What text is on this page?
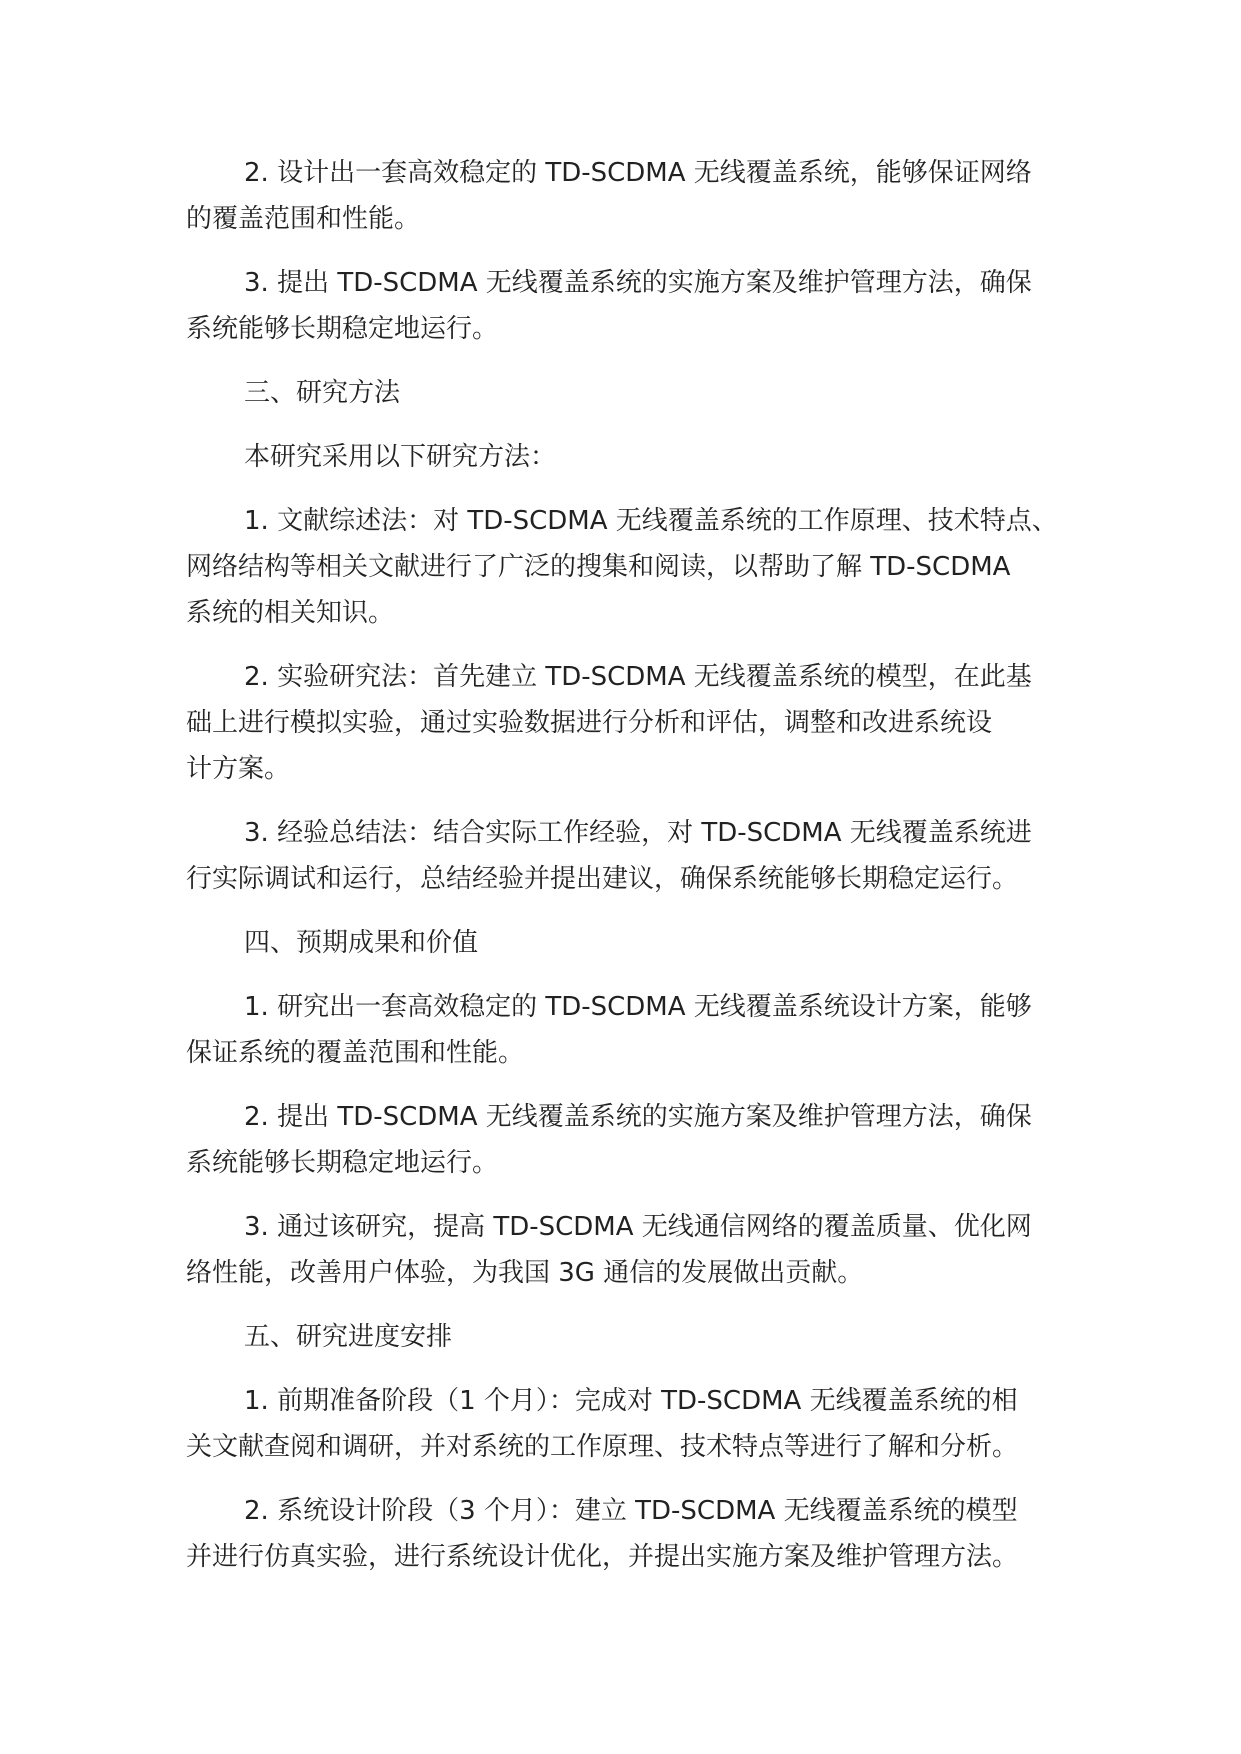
2. 设计出一套高效稳定的 TD-SCDMA 无线覆盖系统，能够保证网络
的覆盖范围和性能。
3. 提出 TD-SCDMA 无线覆盖系统的实施方案及维护管理方法，确保
系统能够长期稳定地运行。
三、研究方法
本研究采用以下研究方法：
1. 文献综述法：对 TD-SCDMA 无线覆盖系统的工作原理、技术特点、
网络结构等相关文献进行了广泛的搜集和阅读，以帮助了解 TD-SCDMA
系统的相关知识。
2. 实验研究法：首先建立 TD-SCDMA 无线覆盖系统的模型，在此基
础上进行模拟实验，通过实验数据进行分析和评估，调整和改进系统设
计方案。
3. 经验总结法：结合实际工作经验，对 TD-SCDMA 无线覆盖系统进
行实际调试和运行，总结经验并提出建议，确保系统能够长期稳定运行。
四、预期成果和价值
1. 研究出一套高效稳定的 TD-SCDMA 无线覆盖系统设计方案，能够
保证系统的覆盖范围和性能。
2. 提出 TD-SCDMA 无线覆盖系统的实施方案及维护管理方法，确保
系统能够长期稳定地运行。
3. 通过该研究，提高 TD-SCDMA 无线通信网络的覆盖质量、优化网
络性能，改善用户体验，为我国 3G 通信的发展做出贡献。
五、研究进度安排
1. 前期准备阶段（1 个月）：完成对 TD-SCDMA 无线覆盖系统的相
关文献查阅和调研，并对系统的工作原理、技术特点等进行了解和分析。
2. 系统设计阶段（3 个月）：建立 TD-SCDMA 无线覆盖系统的模型
并进行仿真实验，进行系统设计优化，并提出实施方案及维护管理方法。
